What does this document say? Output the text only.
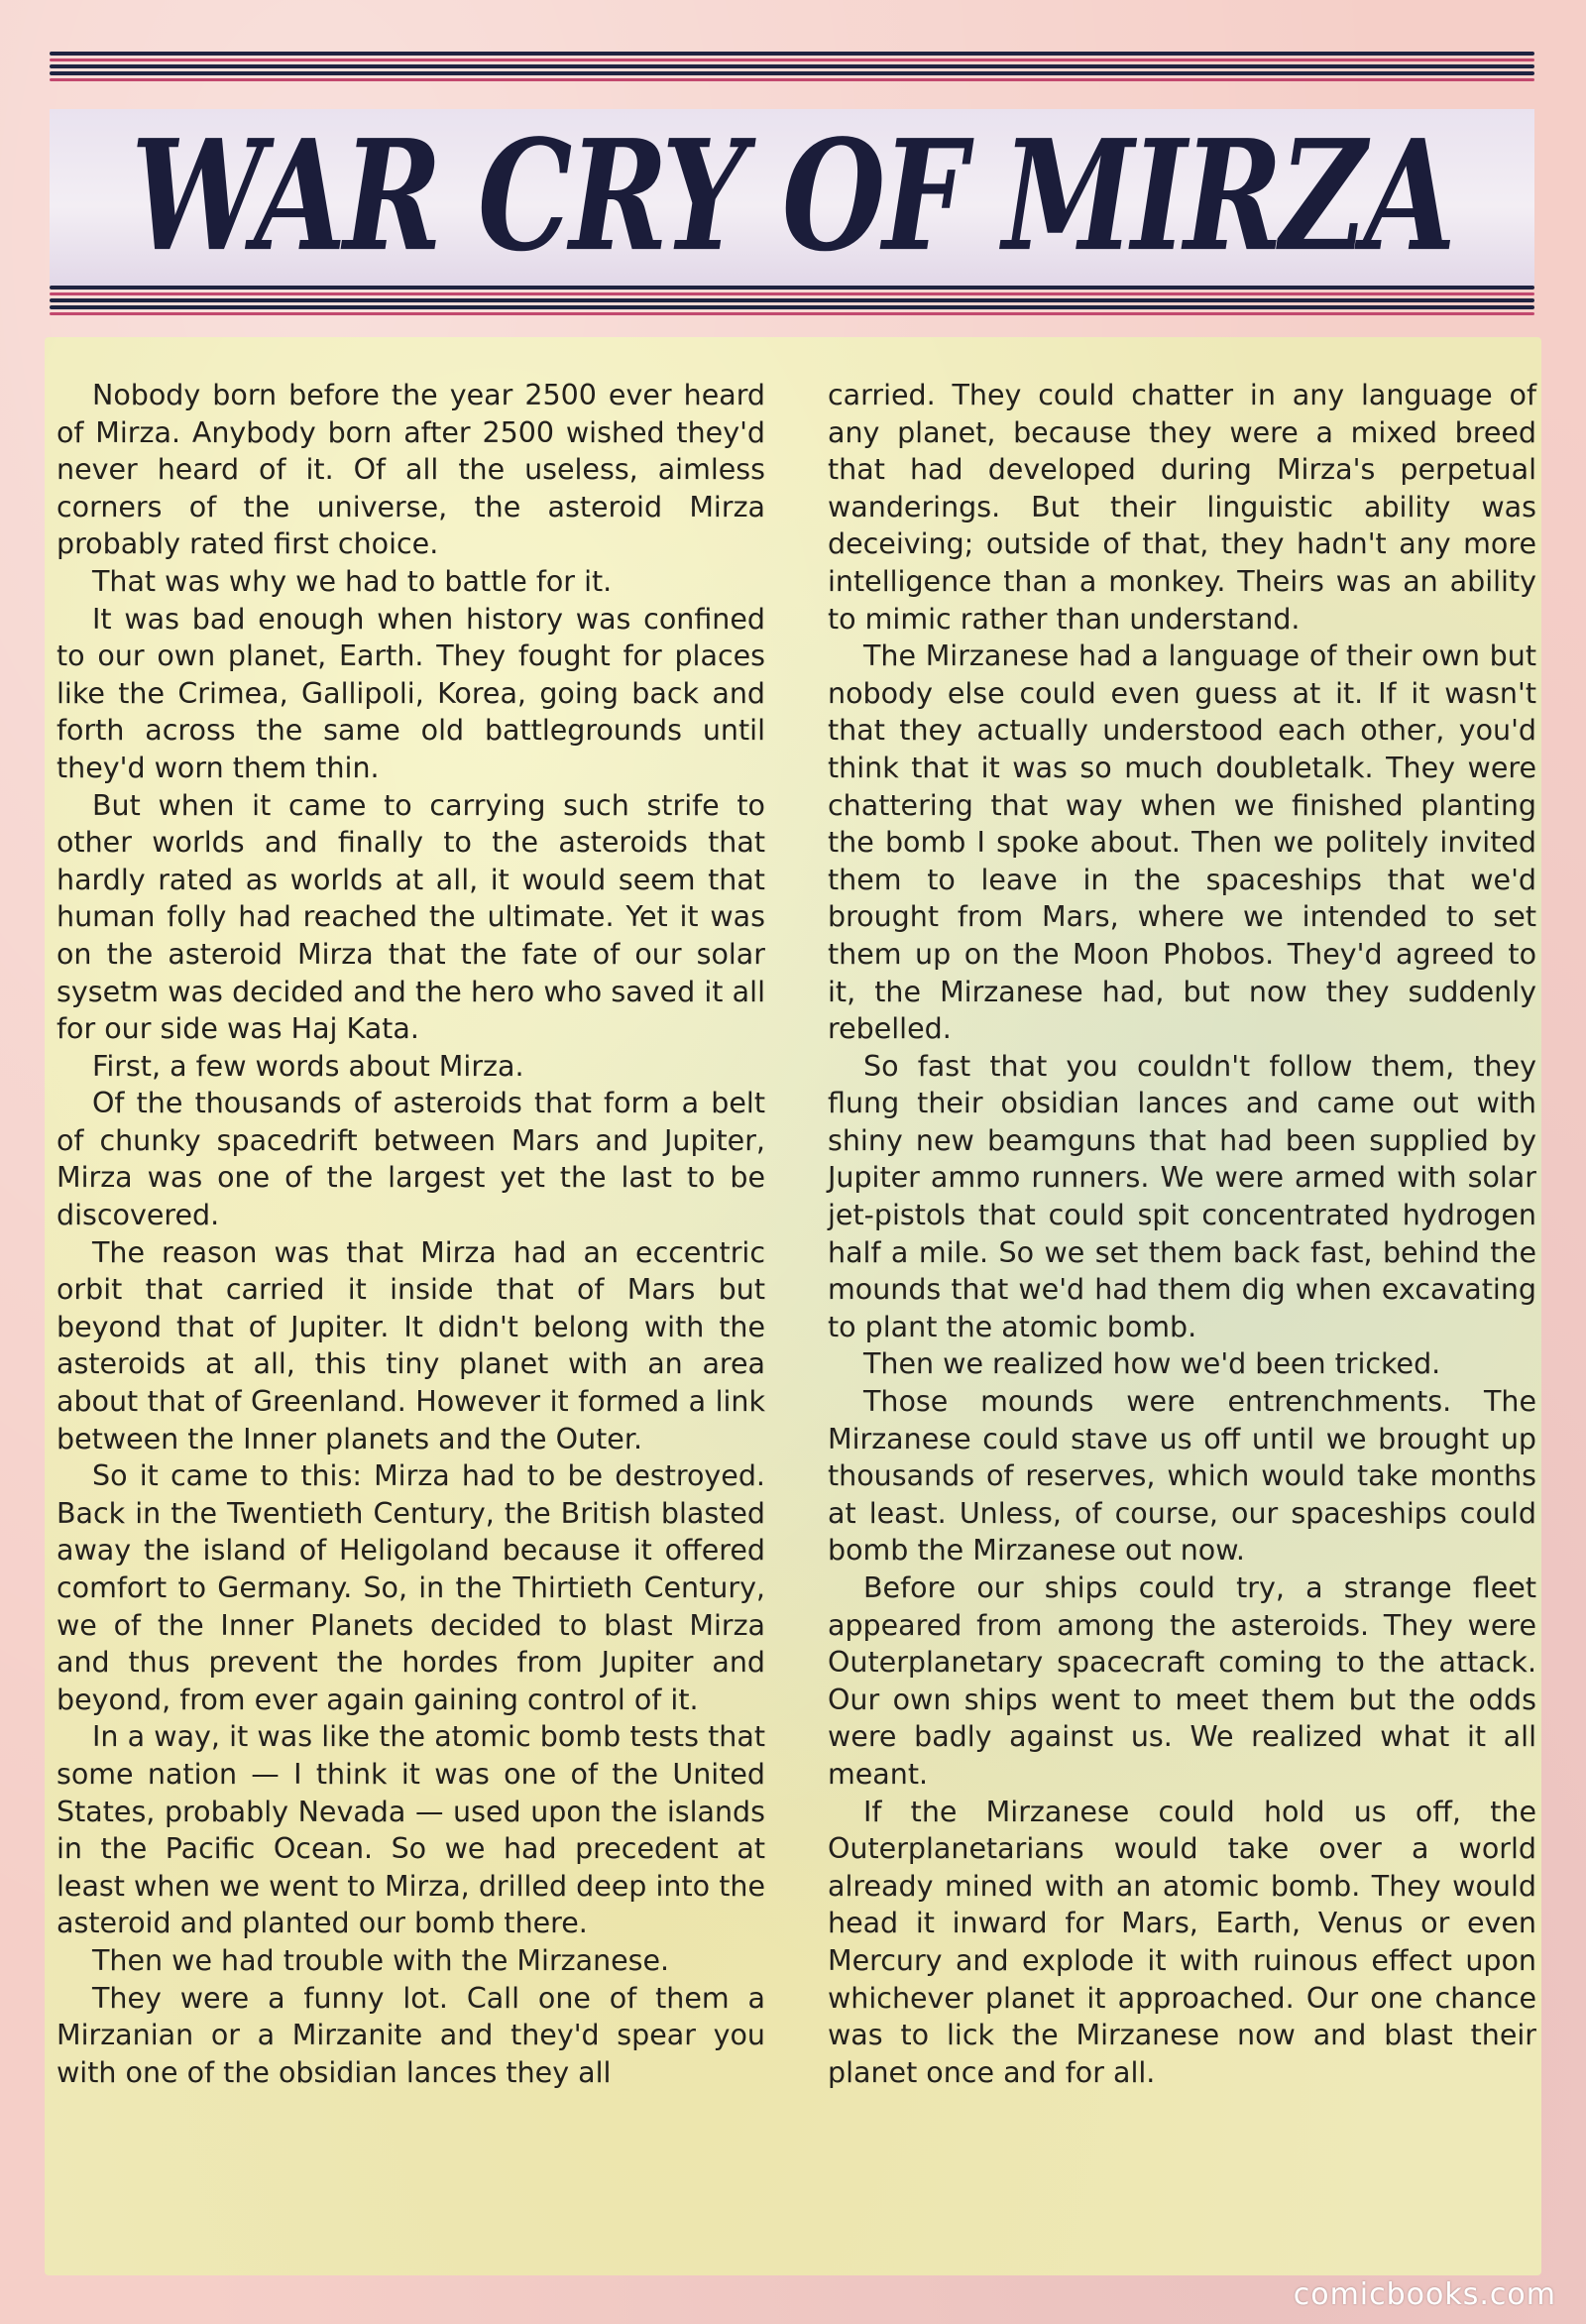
WAR CRY OF MIRZA

Nobody born before the year 2500 ever heard of Mirza. Anybody born after 2500 wished they'd never heard of it. Of all the useless, aimless corners of the universe, the asteroid Mirza probably rated first choice.

That was why we had to battle for it.

It was bad enough when history was confined to our own planet, Earth. They fought for places like the Crimea, Gallipoli, Korea, going back and forth across the same old battlegrounds until they'd worn them thin.

But when it came to carrying such strife to other worlds and finally to the asteroids that hardly rated as worlds at all, it would seem that human folly had reached the ultimate. Yet it was on the asteroid Mirza that the fate of our solar sysetm was decided and the hero who saved it all for our side was Haj Kata.

First, a few words about Mirza.

Of the thousands of asteroids that form a belt of chunky spacedrift between Mars and Jupiter, Mirza was one of the largest yet the last to be discovered.

The reason was that Mirza had an eccentric orbit that carried it inside that of Mars but beyond that of Jupiter. It didn't belong with the asteroids at all, this tiny planet with an area about that of Greenland. However it formed a link between the Inner planets and the Outer.

So it came to this: Mirza had to be destroyed. Back in the Twentieth Century, the British blasted away the island of Heligoland because it offered comfort to Germany. So, in the Thirtieth Century, we of the Inner Planets decided to blast Mirza and thus prevent the hordes from Jupiter and beyond, from ever again gaining control of it.

In a way, it was like the atomic bomb tests that some nation — I think it was one of the United States, probably Nevada — used upon the islands in the Pacific Ocean. So we had precedent at least when we went to Mirza, drilled deep into the asteroid and planted our bomb there.

Then we had trouble with the Mirzanese.

They were a funny lot. Call one of them a Mirzanian or a Mirzanite and they'd spear you with one of the obsidian lances they all

carried. They could chatter in any language of any planet, because they were a mixed breed that had developed during Mirza's perpetual wanderings. But their linguistic ability was deceiving; outside of that, they hadn't any more intelligence than a monkey. Theirs was an ability to mimic rather than understand.

The Mirzanese had a language of their own but nobody else could even guess at it. If it wasn't that they actually understood each other, you'd think that it was so much doubletalk. They were chattering that way when we finished planting the bomb I spoke about. Then we politely invited them to leave in the spaceships that we'd brought from Mars, where we intended to set them up on the Moon Phobos. They'd agreed to it, the Mirzanese had, but now they suddenly rebelled.

So fast that you couldn't follow them, they flung their obsidian lances and came out with shiny new beamguns that had been supplied by Jupiter ammo runners. We were armed with solar jet-pistols that could spit concentrated hydrogen half a mile. So we set them back fast, behind the mounds that we'd had them dig when excavating to plant the atomic bomb.

Then we realized how we'd been tricked.

Those mounds were entrenchments. The Mirzanese could stave us off until we brought up thousands of reserves, which would take months at least. Unless, of course, our spaceships could bomb the Mirzanese out now.

Before our ships could try, a strange fleet appeared from among the asteroids. They were Outerplanetary spacecraft coming to the attack. Our own ships went to meet them but the odds were badly against us. We realized what it all meant.

If the Mirzanese could hold us off, the Outerplanetarians would take over a world already mined with an atomic bomb. They would head it inward for Mars, Earth, Venus or even Mercury and explode it with ruinous effect upon whichever planet it approached. Our one chance was to lick the Mirzanese now and blast their planet once and for all.

comicbooks.com
